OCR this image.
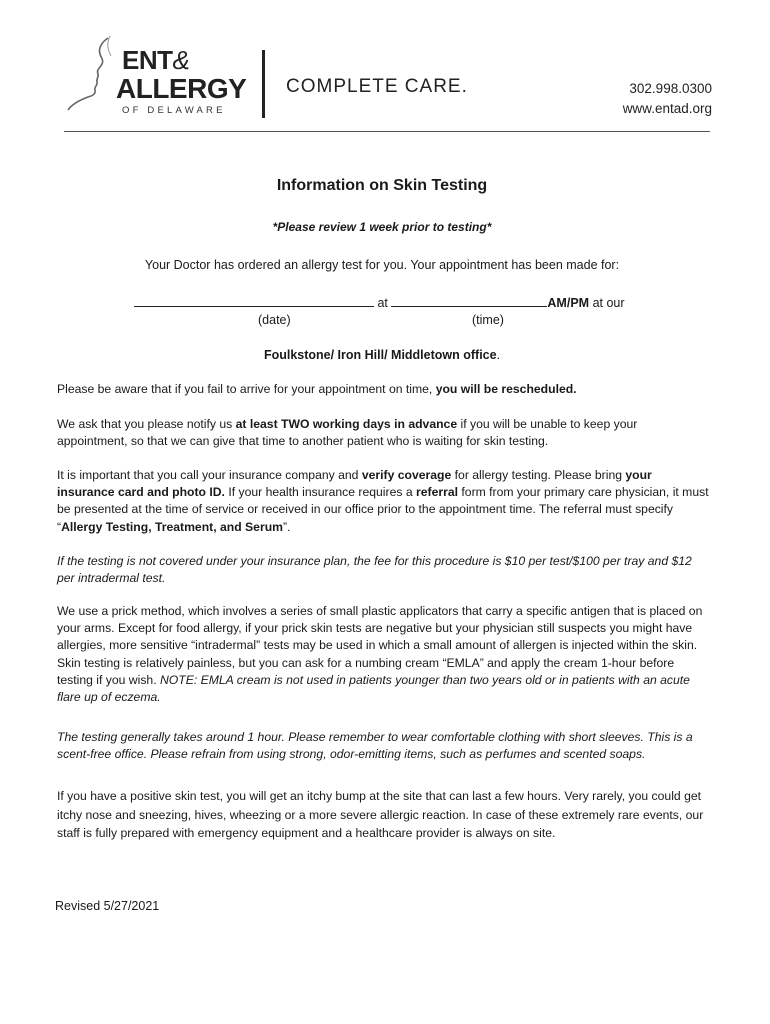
ENT&
ALLERGY
OF DELAWARE
COMPLETE CARE.	302.998.0300
www.entad.org
Information on Skin Testing
*Please review 1 week prior to testing*
Your Doctor has ordered an allergy test for you. Your appointment has been made for:
at	AM/PM at our
(date)	(time)
Foulkstone/ Iron Hill/ Middletown office.
Please be aware that if you fail to arrive for your appointment on time, you will be rescheduled.
We ask that you please notify us at least TWO working days in advance if you will be unable to keep your appointment, so that we can give that time to another patient who is waiting for skin testing.
It is important that you call your insurance company and verify coverage for allergy testing. Please bring your insurance card and photo ID. If your health insurance requires a referral form from your primary care physician, it must be presented at the time of service or received in our office prior to the appointment time. The referral must specify “Allergy Testing, Treatment, and Serum”.
If the testing is not covered under your insurance plan, the fee for this procedure is $10 per test/$100 per tray and $12 per intradermal test.
We use a prick method, which involves a series of small plastic applicators that carry a specific antigen that is placed on your arms. Except for food allergy, if your prick skin tests are negative but your physician still suspects you might have allergies, more sensitive “intradermal” tests may be used in which a small amount of allergen is injected within the skin. Skin testing is relatively painless, but you can ask for a numbing cream “EMLA” and apply the cream 1-hour before testing if you wish. NOTE: EMLA cream is not used in patients younger than two years old or in patients with an acute flare up of eczema.
The testing generally takes around 1 hour. Please remember to wear comfortable clothing with short sleeves. This is a scent-free office. Please refrain from using strong, odor-emitting items, such as perfumes and scented soaps.
If you have a positive skin test, you will get an itchy bump at the site that can last a few hours. Very rarely, you could get itchy nose and sneezing, hives, wheezing or a more severe allergic reaction. In case of these extremely rare events, our staff is fully prepared with emergency equipment and a healthcare provider is always on site.
Revised 5/27/2021
